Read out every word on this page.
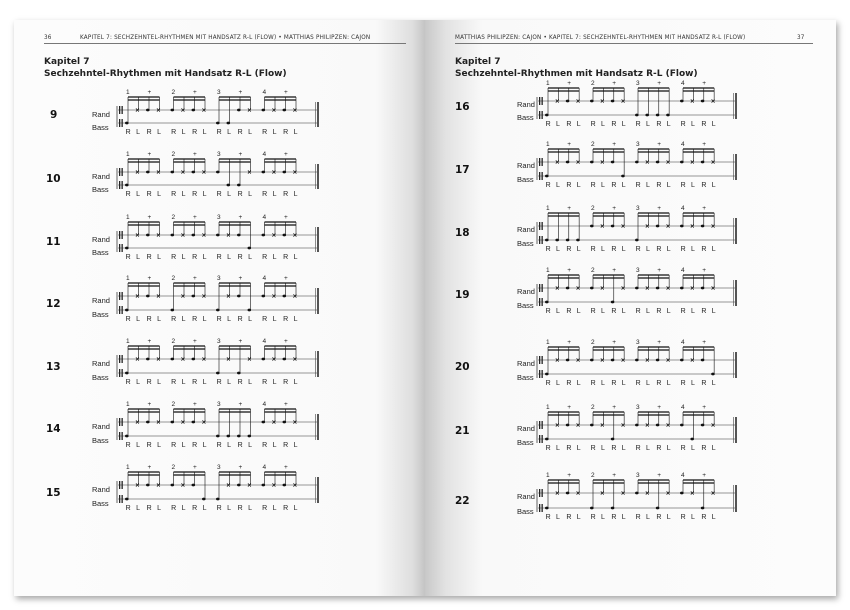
36	KAPITEL 7: SECHZEHNTEL-RHYTHMEN MIT HANDSATZ R-L (FLOW) • MATTHIAS PHILIPZEN: CAJON
Kapitel 7
Sechzehntel-Rhythmen mit Handsatz R-L (Flow)
9
10
11
12
13
14
15
Rand
Bass
Rand
Bass
Rand
Bass
Rand
Bass
Rand
Bass
Rand
Bass
Rand
Bass
1	+	2	+	3	+	4	+
R L R L R L R L R L R L R L R L
1	+	2	+	3	+	4	+
R L R L R L R L R L R L R L R L
1	+	2	+	3	+	4	+
R L R L R L R L R L R L R L R L
1	+	2	+	3	+	4	+
R L R L R L R L R L R L R L R L
1	+	2	+	3	+	4	+
R L R L R L R L R L R L R L R L
1	+	2	+	3	+	4	+
R L R L R L R L R L R L R L R L
1	+	2	+	3	+	4	+
R L R L R L R L R L R L R L R L
MATTHIAS PHILIPZEN: CAJON • KAPITEL 7: SECHZEHNTEL-RHYTHMEN MIT HANDSATZ R-L (FLOW)	37
Kapitel 7
Sechzehntel-Rhythmen mit Handsatz R-L (Flow)
16
17
18
19
20
21
22
Rand
Bass
Rand
Bass
Rand
Bass
Rand
Bass
Rand
Bass
Rand
Bass
Rand
Bass
1	+	2	+	3	+	4	+
R L R L R L R L R L R L R L R L
1	+	2	+	3	+	4	+
R L R L R L R L R L R L R L R L
1	+	2	+	3	+	4	+
R L R L R L R L R L R L R L R L
1	+	2	+	3	+	4	+
R L R L R L R L R L R L R L R L
1	+	2	+	3	+	4	+
R L R L R L R L R L R L R L R L
1	+	2	+	3	+	4	+
R L R L R L R L R L R L R L R L
1	+	2	+	3	+	4	+
R L R L R L R L R L R L R L R L
